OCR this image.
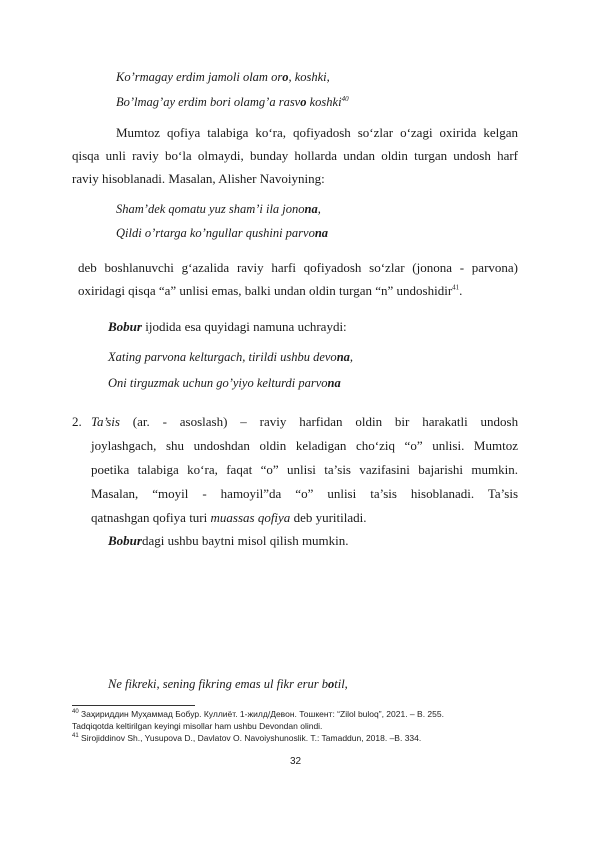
Ko’rmagay erdim jamoli olam oro, koshki,
Bo’lmag’ay erdim bori olamg’a rasvo koshki$^{40}$
Mumtoz qofiya talabiga ko‘ra, qofiyadosh so‘zlar o‘zagi oxirida kelgan
qisqa unli raviy bo‘la olmaydi, bunday hollarda undan oldin turgan undosh harf
raviy hisoblanadi. Masalan, Alisher Navoiyning:
Sham’dek qomatu yuz sham’i ila jonona,
Qildi o’rtarga ko’ngullar qushini parvona
deb boshlanuvchi g‘azalida raviy harfi qofiyadosh so‘zlar (jonona - parvona)
oxiridagi qisqa “a” unlisi emas, balki undan oldin turgan “n” undoshidir$^{41}$.
Bobur ijodida esa quyidagi namuna uchraydi:
Xating parvona kelturgach, tirildi ushbu devona,
Oni tirguzmak uchun go’yiyo kelturdi parvona
2. Ta’sis (ar. - asoslash) – raviy harfidan oldin bir harakatli undosh
joylashgach, shu undoshdan oldin keladigan cho‘ziq “o” unlisi. Mumtoz
poetika talabiga ko‘ra, faqat “o” unlisi ta’sis vazifasini bajarishi mumkin.
Masalan, “moyil - hamoyil”da “o” unlisi ta’sis hisoblanadi. Ta’sis
qatnashgan qofiya turi muassas qofiya deb yuritiladi.
Boburdagi ushbu baytni misol qilish mumkin.
Ne fikreki, sening fikring emas ul fikr erur botil,
$^{40}$ Заҳириддин Муҳаммад Бобур. Куллиёт. 1-жилд/Девон. Тошкент: “Zilol buloq”, 2021. – B. 255.
Tadqiqotda keltirilgan keyingi misollar ham ushbu Devondan olindi.
$^{41}$ Sirojiddinov Sh., Yusupova D., Davlatov O. Navoiyshunoslik. T.: Tamaddun, 2018. –B. 334.
32
